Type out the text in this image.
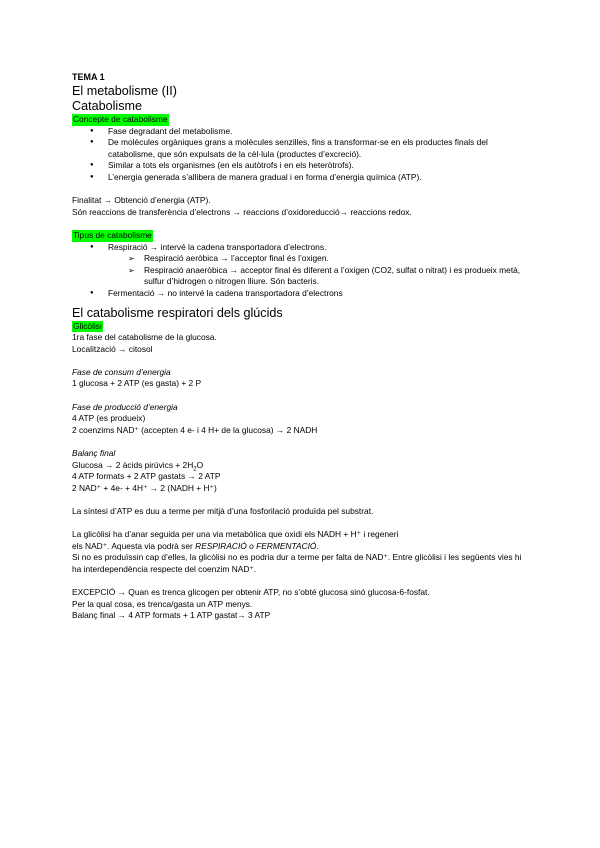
TEMA 1

El metabolisme (II)
Catabolisme
Concepte de catabolisme
● Fase degradant del metabolisme.
● De molècules orgàniques grans a molècules senzilles, fins a transformar-se en els productes finals del catabolisme, que són expulsats de la cèl·lula (productes d’excreció).
● Similar a tots els organismes (en els autòtrofs i en els heteròtrofs).
● L’energia generada s’allibera de manera gradual i en forma d’energia química (ATP).

Finalitat → Obtenció d’energia (ATP).

Són reaccions de transferència d’electrons → reaccions d’oxidoreducció→ reaccions redox.

Tipus de catabolisme
● Respiració → intervé la cadena transportadora d’electrons.
➢ Respiració aeròbica → l’acceptor final és l’oxigen.
➢ Respiració anaeròbica → acceptor final és diferent a l’oxigen (CO2, sulfat o nitrat) i es produeix metà, sulfur d’hidrogen o nitrogen lliure. Són bacteris.
● Fermentació → no intervé la cadena transportadora d’electrons
El catabolisme respiratori dels glúcids
Glicòlisi

1ra fase del catabolisme de la glucosa.

Localització → citosol

Fase de consum d’energia

1 glucosa + 2 ATP (es gasta) + 2 P

Fase de producció d’energia

4 ATP (es produeix)

2 coenzims NAD⁺ (accepten 4 e- i 4 H+ de la glucosa) → 2 NADH

Balanç final

Glucosa → 2 àcids pirúvics + $2H_2O$

4 ATP formats + 2 ATP gastats → 2 ATP

2 NAD⁺ + 4e- + 4H⁺ → 2 (NADH + H⁺)

La síntesi d’ATP es duu a terme per mitjà d’una fosforilació produïda pel substrat.

La glicòlisi ha d’anar seguida per una via metabòlica que oxidi els NADH + H⁺ i regeneri

els NAD⁺. Aquesta via podrà ser RESPIRACIÓ o FERMENTACIÓ.

Si no es produïssin cap d’elles, la glicòlisi no es podria dur a terme per falta de NAD⁺. Entre glicòlisi i les següents vies hi ha interdependència respecte del coenzim NAD⁺.

EXCEPCIÓ → Quan es trenca glicogen per obtenir ATP, no s’obté glucosa sinó glucosa-6-fosfat.

Per la qual cosa, es trenca/gasta un ATP menys.

Balanç final → 4 ATP formats + 1 ATP gastat→ 3 ATP
